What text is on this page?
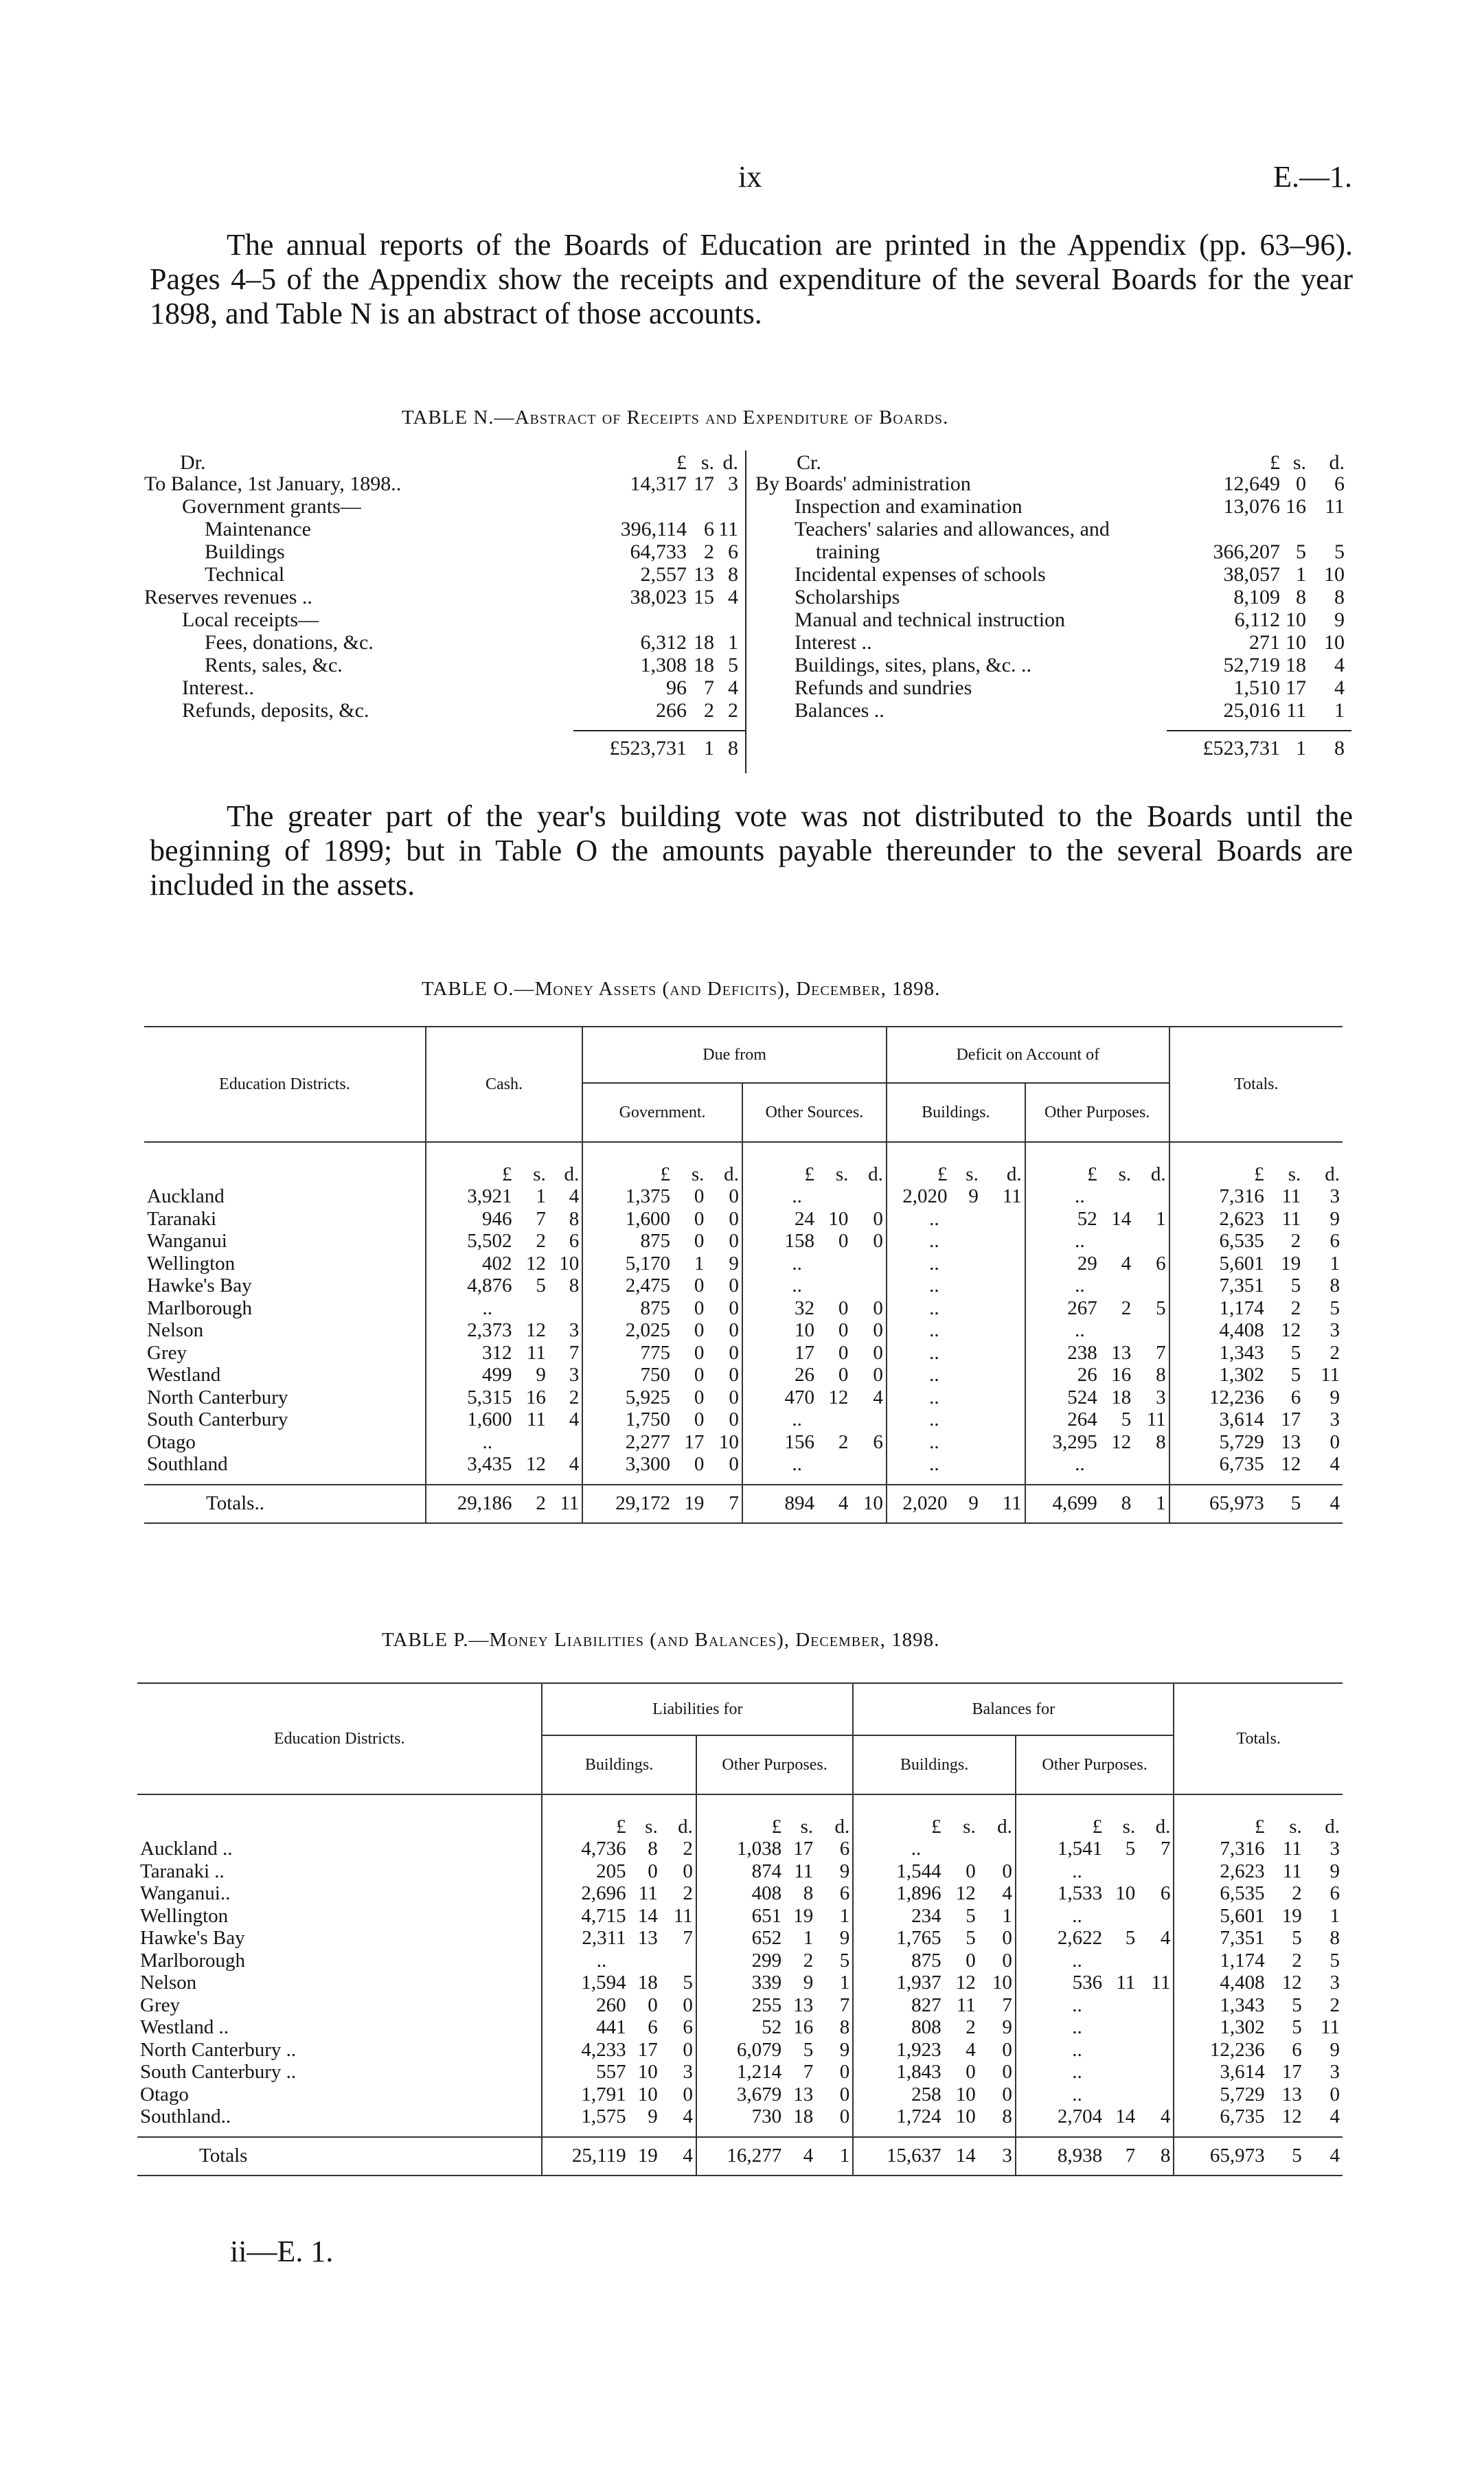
ix	E.—1.
The annual reports of the Boards of Education are printed in the Appendix (pp. 63–96). Pages 4–5 of the Appendix show the receipts and expenditure of the several Boards for the year 1898, and Table N is an abstract of those accounts.
TABLE N.—Abstract of Receipts and Expenditure of Boards.
Dr.	£ s. d.
To Balance, 1st January, 1898..	14,317 17 3
Government grants—
Maintenance	396,114 6 11
Buildings	64,733 2 6
Technical	2,557 13 8
Reserves revenues ..	38,023 15 4
Local receipts—
Fees, donations, &c.	6,312 18 1
Rents, sales, &c.	1,308 18 5
Interest..	96 7 4
Refunds, deposits, &c.	266 2 2
£523,731 1 8
Cr.	£ s. d.
By Boards' administration	12,649 0 6
Inspection and examination	13,076 16 11
Teachers' salaries and allowances, and
training	366,207 5 5
Incidental expenses of schools	38,057 1 10
Scholarships	8,109 8 8
Manual and technical instruction	6,112 10 9
Interest ..	271 10 10
Buildings, sites, plans, &c. ..	52,719 18 4
Refunds and sundries	1,510 17 4
Balances ..	25,016 11 1
£523,731 1 8
The greater part of the year's building vote was not distributed to the Boards until the beginning of 1899; but in Table O the amounts payable thereunder to the several Boards are included in the assets.
TABLE O.—Money Assets (and Deficits), December, 1898.
Education Districts.	Cash.			Due from						Deficit on Account of						Totals.		
				Government.			Other Sources.			Buildings.			Other Purposes.					
	£	s.	d.	£	s.	d.	£	s.	d.	£	s.	d.	£	s.	d.	£	s.	d.
Auckland	3,921	1	4	1,375	0	0	..			2,020	9	11	..			7,316	11	3
Taranaki	946	7	8	1,600	0	0	24	10	0	..			52	14	1	2,623	11	9
Wanganui	5,502	2	6	875	0	0	158	0	0	..			..			6,535	2	6
Wellington	402	12	10	5,170	1	9	..			..			29	4	6	5,601	19	1
Hawke's Bay	4,876	5	8	2,475	0	0	..			..			..			7,351	5	8
Marlborough	..			875	0	0	32	0	0	..			267	2	5	1,174	2	5
Nelson	2,373	12	3	2,025	0	0	10	0	0	..			..			4,408	12	3
Grey	312	11	7	775	0	0	17	0	0	..			238	13	7	1,343	5	2
Westland	499	9	3	750	0	0	26	0	0	..			26	16	8	1,302	5	11
North Canterbury	5,315	16	2	5,925	0	0	470	12	4	..			524	18	3	12,236	6	9
South Canterbury	1,600	11	4	1,750	0	0	..			..			264	5	11	3,614	17	3
Otago	..			2,277	17	10	156	2	6	..			3,295	12	8	5,729	13	0
Southland	3,435	12	4	3,300	0	0	..			..			..			6,735	12	4

Totals..	29,186	2	11	29,172	19	7	894	4	10	2,020	9	11	4,699	8	1	65,973	5	4
TABLE P.—Money Liabilities (and Balances), December, 1898.
Education Districts.	Liabilities for						Balances for						Totals.		
	Buildings.			Other Purposes.			Buildings.			Other Purposes.					
	£	s.	d.	£	s.	d.	£	s.	d.	£	s.	d.	£	s.	d.
Auckland ..	4,736	8	2	1,038	17	6	..			1,541	5	7	7,316	11	3
Taranaki ..	205	0	0	874	11	9	1,544	0	0	..			2,623	11	9
Wanganui..	2,696	11	2	408	8	6	1,896	12	4	1,533	10	6	6,535	2	6
Wellington	4,715	14	11	651	19	1	234	5	1	..			5,601	19	1
Hawke's Bay	2,311	13	7	652	1	9	1,765	5	0	2,622	5	4	7,351	5	8
Marlborough	..			299	2	5	875	0	0	..			1,174	2	5
Nelson	1,594	18	5	339	9	1	1,937	12	10	536	11	11	4,408	12	3
Grey	260	0	0	255	13	7	827	11	7	..			1,343	5	2
Westland ..	441	6	6	52	16	8	808	2	9	..			1,302	5	11
North Canterbury ..	4,233	17	0	6,079	5	9	1,923	4	0	..			12,236	6	9
South Canterbury ..	557	10	3	1,214	7	0	1,843	0	0	..			3,614	17	3
Otago	1,791	10	0	3,679	13	0	258	10	0	..			5,729	13	0
Southland..	1,575	9	4	730	18	0	1,724	10	8	2,704	14	4	6,735	12	4

Totals	25,119	19	4	16,277	4	1	15,637	14	3	8,938	7	8	65,973	5	4
ii—E. 1.
